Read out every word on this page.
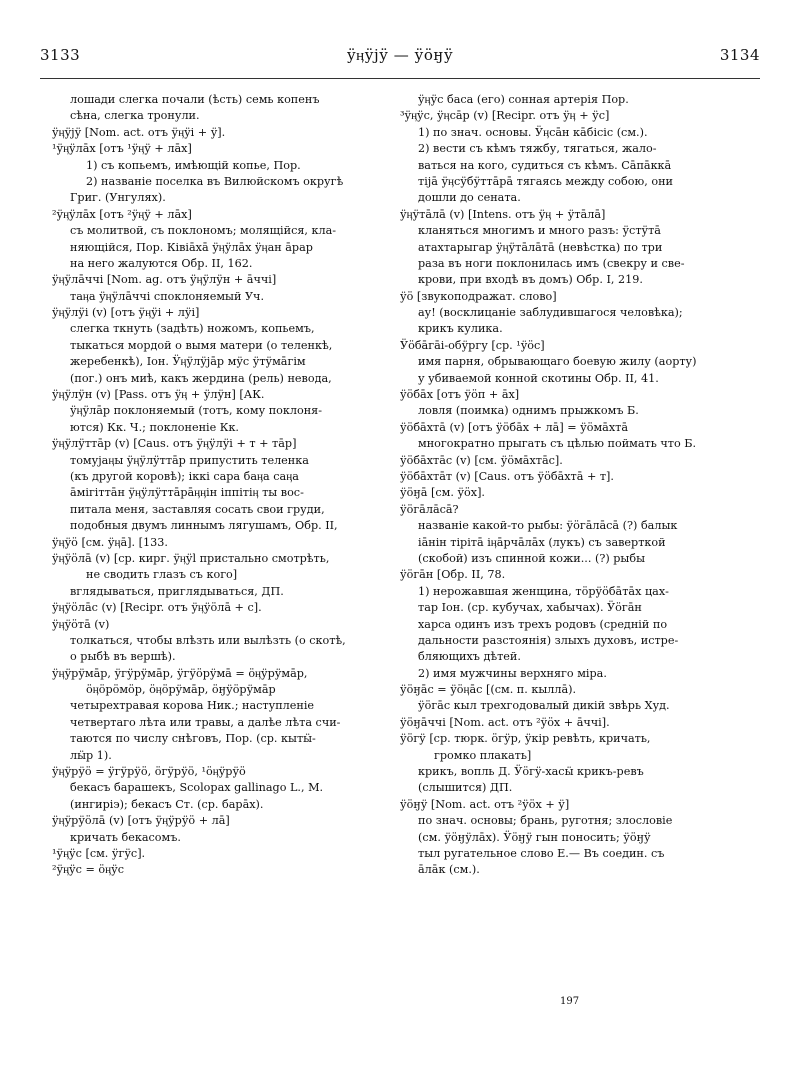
3133	ӱӊӱјӱ — ӱӧӈӱ	3134
лошади слегка почали (ѣсть) семь копенъ
сѣна, слегка тронули.
ӱӊӱјӱ [Nom. act. отъ ӱӊӱі + ӱ].
¹ӱӊӱлāх [отъ ¹ӱӊӱ + лāх]
1) съ копьемъ, имѣющій копье, Пор.
2) названіе поселка въ Вилюйскомъ округѣ
Григ. (Унгулях).
²ӱӊӱлāх [отъ ²ӱӊӱ + лāх]
съ молитвой, съ поклономъ; молящійся, кла-
няющійся, Пор. Кiвiāхā ӱӊӱлāх ӱӊан āрар
на него жалуются Обр. II, 162.
ӱӊӱлāччi [Nom. ag. отъ ӱӊӱлӱн + āччi]
таӊа ӱӊӱлāччi споклоняемый Уч.
ӱӊӱлӱі (v) [отъ ӱӊӱі + лӱі]
слегка ткнуть (задѣть) ножомъ, копьемъ,
тыкаться мордой о вымя матери (о теленкѣ,
жеребенкѣ), Іон. Ӱӊӱлӱјāр мӱс ӱтӱмāгiм
(пог.) онъ миѣ, какъ жердина (рель) невода,
ӱӊӱлӱн (v) [Pass. отъ ӱӊ + ӱлӱн] [АК.
ӱӊӱлāр поклоняемый (тотъ, кому поклоня-
ются) Кк. Ч.; поклоненіе Кк.
ӱӊӱлӱттāр (v) [Caus. отъ ӱӊӱлӱі + т + тāр]
томуjаӊы ӱӊӱлӱттāр припустить теленка
(къ другой коровѣ); iккi сара баӊа саӊа
āмiгiттāн ӱӊӱлӱттāрāӊӊiн iппiтiӊ ты вос-
питала меня, заставляя сосать свои груди,
подобныя двумъ линнымъ лягушамъ, Обр. II,
ӱӊӱӧ [см. ӱӊā]. [133.
ӱӊӱӧлā (v) [ср. кирг. ӱӊӱl пристально смотрѣть,
не сводить глазъ съ кого]
вглядываться, приглядываться, ДП.
ӱӊӱӧлāс (v) [Reciрr. отъ ӱӊӱӧлā + с].
ӱӊӱӧтā (v)
толкаться, чтобы влѣзть или вылѣзть (о скотѣ,
о рыбѣ въ вершѣ).
ӱӊӱрӱмāр, ӱгӱрӱмāр, ӱгӱӧрӱмā = ӧӊӱрӱмāр,
ӧӊӧрӧмӧр, ӧӊӧрӱмāр, ӧӈӱӧрӱмāр
четырехтравая корова Ник.; наступленіе
четвертаго лѣта или травы, а далѣе лѣта счи-
таются по числу снѣговъ, Пор. (ср. кытӹ-
лӹр 1).
ӱӊӱрӱӧ = ӱгӱрӱӧ, ӧгӱрӱӧ, ¹ӧӊӱрӱӧ
бекасъ барашекъ, Scolopax gallinago L., М.
(ингиріэ); бекасъ Ст. (ср. барāх).
ӱӊӱрӱӧлā (v) [отъ ӱӊӱрӱӧ + лā]
кричать бекасомъ.
¹ӱӊӱс [см. ӱгӱс].
²ӱӊӱс = ӧӊӱс
ӱӊӱс баса (его) сонная артерія Пор.
³ӱӊӱс, ӱӊсāр (v) [Reciрr. отъ ӱӊ + ӱс]
1) по знач. основы. Ӱӊсāн кāбiсiс (см.).
2) вести съ кѣмъ тяжбу, тягаться, жало-
ваться на кого, судиться съ кѣмъ. Сāпāккā
тiјā ӱӊсӱбӱттāрā тягаясь между собою, они
дошли до сената.
ӱӊӱтāлā (v) [Intens. отъ ӱӊ + ӱтāлā]
кланяться многимъ и много разъ: ӱстӱтā
атахтарыгар ӱӊӱтāлāтā (невѣстка) по три
раза въ ноги поклонилась имъ (свекру и све-
крови, при входѣ въ домъ) Обр. I, 219.
ӱӧ [звукоподражат. слово]
ау! (восклицаніе заблудившагося человѣка);
крикъ кулика.
Ӱӧбāгāi-обӱргу [ср. ¹ӱӧс]
имя парня, обрывающаго боевую жилу (аорту)
у убиваемой конной скотины Обр. II, 41.
ӱӧбāх [отъ ӱӧп + āх]
ловля (поимка) однимъ прыжкомъ Б.
ӱӧбāхтā (v) [отъ ӱӧбāх + лā] = ӱӧмāхтā
многократно прыгать съ цѣлью поймать что Б.
ӱӧбāхтāс (v) [см. ӱӧмāхтāс].
ӱӧбāхтāт (v) [Caus. отъ ӱӧбāхтā + т].
ӱӧӈā [см. ӱӧх].
ӱӧгāлāсā?
названіе какой-то рыбы: ӱӧгāлāсā (?) балык
iāнiн тiрiтā iӊāрчāлāх (лукъ) съ заверткой
(скобой) изъ спинной кожи... (?) рыбы
ӱӧгāн [Обр. II, 78.
1) нерожавшая женщина, тӧрӱӧбāтāх цах-
тар Іон. (ср. кубучах, хабычах). Ӱӧгāн
харса одинъ изъ трехъ родовъ (средній по
дальности разстоянія) злыхъ духовъ, истре-
бляющихъ дѣтей.
2) имя мужчины верхняго міра.
ӱӧӈāс = ӱӧӊāс [(см. п. кыллā).
ӱӧгāс кыл трехгодовалый дикій звѣрь Худ.
ӱӧӈāччi [Nom. act. отъ ²ӱӧх + āччi].
ӱӧгӱ [ср. тюрк. ӧгӱр, ӱкiр ревѣть, кричать,
громко плакать]
крикъ, вопль Д. Ӱӧгӱ-хасӹ крикъ-ревъ
(слышится) ДП.
ӱӧӈӱ [Nom. act. отъ ²ӱӧх + ӱ]
по знач. основы; брань, руготня; злословіе
(см. ӱӧӈӱлāх). Ӱӧӈӱ гын поносить; ӱӧӈӱ
тыл ругательное слово Е.— Въ соедин. съ
āлāк (см.).
197
